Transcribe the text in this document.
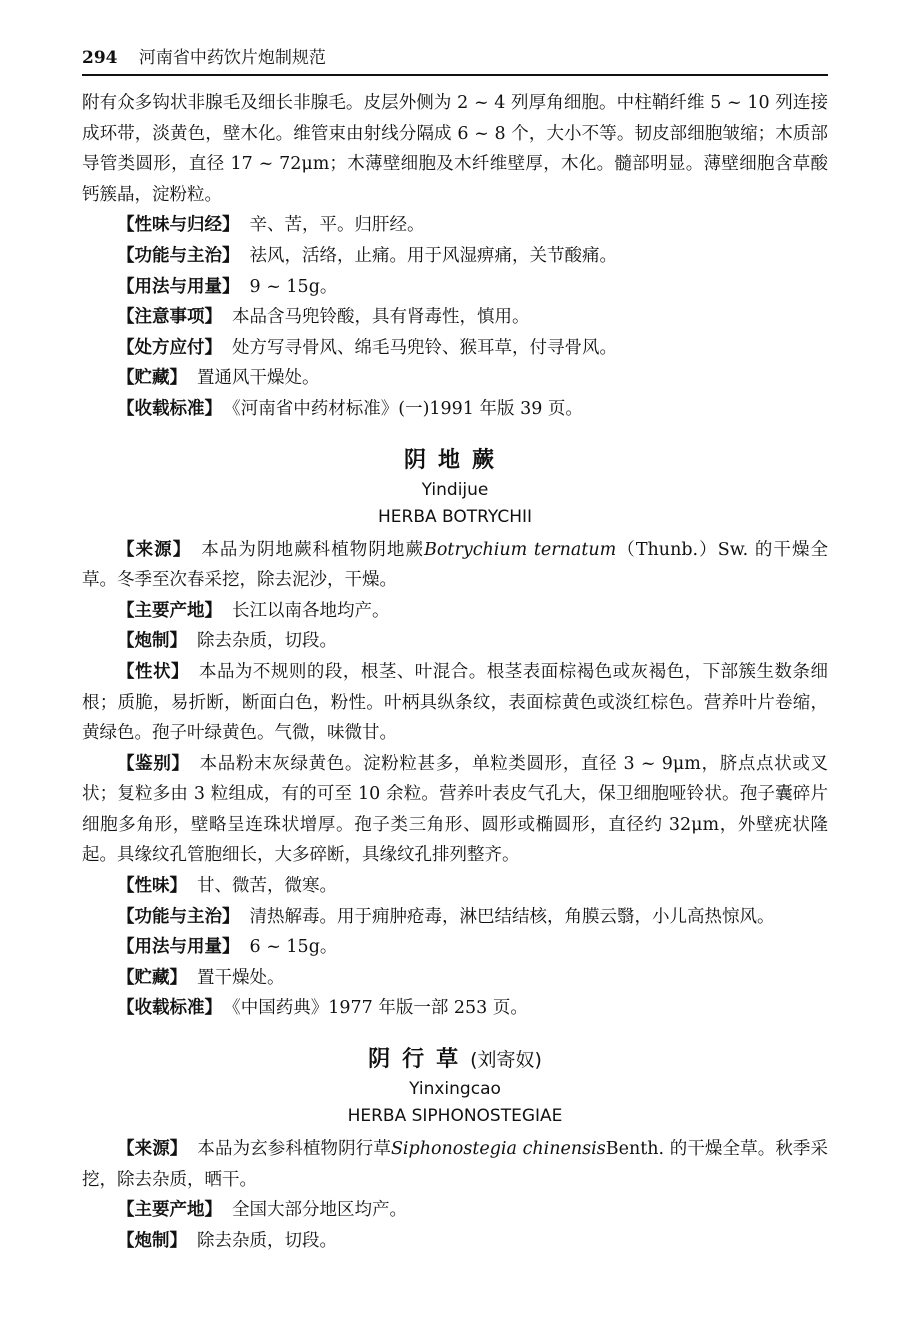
294 河南省中药饮片炮制规范

附有众多钩状非腺毛及细长非腺毛。皮层外侧为 2 ~ 4 列厚角细胞。中柱鞘纤维 5 ~ 10 列连接成环带，淡黄色，壁木化。维管束由射线分隔成 6 ~ 8 个，大小不等。韧皮部细胞皱缩；木质部导管类圆形，直径 17 ~ 72μm；木薄壁细胞及木纤维壁厚，木化。髓部明显。薄壁细胞含草酸钙簇晶，淀粉粒。

【性味与归经】 辛、苦，平。归肝经。

【功能与主治】 祛风，活络，止痛。用于风湿痹痛，关节酸痛。

【用法与用量】 9 ~ 15g。

【注意事项】 本品含马兜铃酸，具有肾毒性，慎用。

【处方应付】 处方写寻骨风、绵毛马兜铃、猴耳草，付寻骨风。

【贮藏】 置通风干燥处。

【收载标准】 《河南省中药材标准》(一)1991 年版 39 页。

阴地蕨
Yindijue
HERBA BOTRYCHII

【来源】 本品为阴地蕨科植物阴地蕨Botrychium ternatum（Thunb.）Sw. 的干燥全草。冬季至次春采挖，除去泥沙，干燥。

【主要产地】 长江以南各地均产。

【炮制】 除去杂质，切段。

【性状】 本品为不规则的段，根茎、叶混合。根茎表面棕褐色或灰褐色，下部簇生数条细根；质脆，易折断，断面白色，粉性。叶柄具纵条纹，表面棕黄色或淡红棕色。营养叶片卷缩，黄绿色。孢子叶绿黄色。气微，味微甘。

【鉴别】 本品粉末灰绿黄色。淀粉粒甚多，单粒类圆形，直径 3 ~ 9μm，脐点点状或叉状；复粒多由 3 粒组成，有的可至 10 余粒。营养叶表皮气孔大，保卫细胞哑铃状。孢子囊碎片细胞多角形，壁略呈连珠状增厚。孢子类三角形、圆形或椭圆形，直径约 32μm，外壁疣状隆起。具缘纹孔管胞细长，大多碎断，具缘纹孔排列整齐。

【性味】 甘、微苦，微寒。

【功能与主治】 清热解毒。用于痈肿疮毒，淋巴结结核，角膜云翳，小儿高热惊风。

【用法与用量】 6 ~ 15g。

【贮藏】 置干燥处。

【收载标准】 《中国药典》1977 年版一部 253 页。

阴行草(刘寄奴)
Yinxingcao
HERBA SIPHONOSTEGIAE

【来源】 本品为玄参科植物阴行草Siphonostegia chinensisBenth. 的干燥全草。秋季采挖，除去杂质，晒干。

【主要产地】 全国大部分地区均产。

【炮制】 除去杂质，切段。
